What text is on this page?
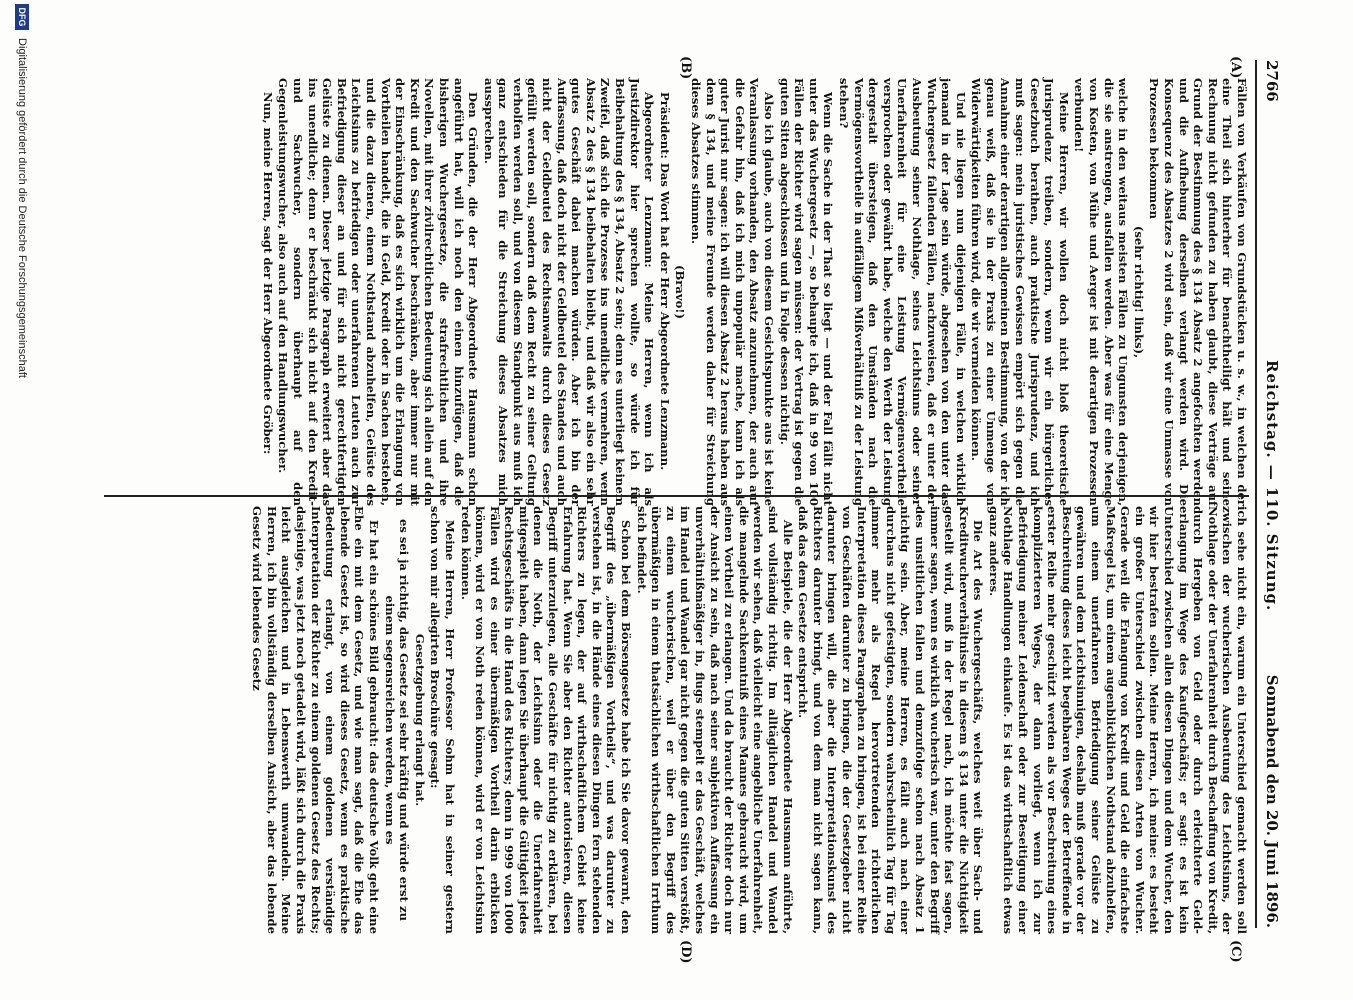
2766
Reichstag. — 110. Sitzung.
Sonnabend den 20. Juni 1896.
(A)
(B)
(C)
(D)

Fällen von Verkäufen von Grundstücken u. s. w., in welchen der eine Theil sich hinterher für benachtheiligt hält und seine Rechnung nicht gefunden zu haben glaubt, diese Verträge auf Grund der Bestimmung des § 134 Absatz 2 angefochten werden und die Aufhebung derselben verlangt werden wird. Die Konsequenz des Absatzes 2 wird sein, daß wir eine Unmasse von Prozessen bekommen

(sehr richtig! links),

welche in den weitaus meisten Fällen zu Ungunsten derjenigen, die sie anstrengen, ausfallen werden. Aber was für eine Menge von Kosten, von Mühe und Aerger ist mit derartigen Prozessen verbunden!

Meine Herren, wir wollen doch nicht bloß theoretische Jurisprudenz treiben, sondern, wenn wir ein bürgerliches Gesetzbuch berathen, auch praktische Jurisprudenz, und ich muß sagen: mein juristisches Gewissen empört sich gegen die Annahme einer derartigen allgemeinen Bestimmung, von der ich genau weiß, daß sie in der Praxis zu einer Unmenge von Widerwärtigkeiten führen wird, die wir vermeiden können.

Und nie liegen nun diejenigen Fälle, in welchen wirklich jemand in der Lage sein würde, abgesehen von den unter das Wuchergesetz fallenden Fällen, nachzuweisen, daß er unter der Ausbeutung seiner Nothlage, seines Leichtsinns oder seiner Unerfahrenheit für eine Leistung Vermögensvortheile versprochen oder gewährt habe, welche den Werth der Leistung dergestalt übersteigen, daß den Umständen nach die Vermögensvortheile in auffälligem Mißverhältniß zu der Leistung stehen?

Wenn die Sache in der That so liegt — und der Fall fällt nicht unter das Wuchergesetz —, so behaupte ich, daß in 99 von 100 Fällen der Richter wird sagen müssen: der Vertrag ist gegen die guten Sitten abgeschlossen und in Folge dessen nichtig.

Also ich glaube, auch von diesem Gesichtspunkte aus ist keine Veranlassung vorhanden, den Absatz anzunehmen, der auch auf die Gefahr hin, daß ich mich unpopulär mache, kann ich als guter Jurist nur sagen: ich will diesen Absatz 2 heraus haben aus dem § 134, und meine Freunde werden daher für Streichung dieses Absatzes stimmen.

(Bravo!)

Präsident: Das Wort hat der Herr Abgeordnete Lenzmann.

Abgeordneter Lenzmann: Meine Herren, wenn ich als Justizdirektor hier sprechen wollte, so würde ich für Beibehaltung des § 134, Absatz 2 sein; denn es unterliegt keinem Zweifel, daß sich die Prozesse ins unendliche vermehren, wenn Absatz 2 des § 134 beibehalten bleibt, und daß wir also ein sehr gutes Geschäft dabei machen würden. Aber ich bin der Auffassung, daß doch nicht der Geldbeutel des Standes und auch nicht der Geldbeutel des Rechtsanwalts durch dieses Gesetz gefüllt werden soll, sondern daß dem Recht zu seiner Geltung verholfen werden soll, und von diesem Standpunkt aus muß ich ganz entschieden für die Streichung dieses Absatzes mich aussprechen.

Den Gründen, die der Herr Abgeordnete Hausmann schon angeführt hat, will ich noch den einen hinzufügen, daß die bisherigen Wuchergesetze, die strafrechtlichen und ihre Novellen, mit ihrer zivilrechtlichen Bedeutung sich allein auf den Kredit und den Sachwucher beschränken, aber immer nur mit der Einschränkung, daß es sich wirklich um die Erlangung von Vortheilen handelt, die in Geld, Kredit oder in Sachen bestehen, und die dazu dienen, einem Nothstand abzuhelfen, Gelüste des Leichtsinns zu befriedigen oder unerfahrenen Leuten auch zur Befriedigung dieser an und für sich nicht gerechtfertigten Gelüste zu dienen. Dieser jetzige Paragraph erweitert aber das ins unendliche; denn er beschränkt sich nicht auf den Kredit- und Sachwucher, sondern überhaupt auf den Gegenleistungswucher, also auch auf den Handlungswucher.

Nun, meine Herren, sagt der Herr Abgeordnete Gröber:

ich sehe nicht ein, warum ein Unterschied gemacht werden soll zwischen der wucherischen Ausbeutung des Leichtsinns, der Nothlage oder der Unerfahrenheit durch Beschaffung von Kredit, durch Hergeben von Geld oder durch erleichterte Geld-erlangung im Wege des Kaufgeschäfts; er sagt: es ist kein Unterschied zwischen allen diesen Dingen und dem Wucher, den wir hier bestrafen sollen. Meine Herren, ich meine: es besteht ein großer Unterschied zwischen diesen Arten von Wucher. Gerade weil die Erlangung von Kredit und Geld die einfachste Maßregel ist, um einem augenblicklichen Nothstand abzuhelfen, um einem unerfahrenen Befriedigung seiner Gelüste zu gewähren und dem Leichtsinnigen, deshalb muß gerade vor der Beschreitung dieses leicht begehbaren Weges der Betreffende in erster Reihe mehr geschützt werden als vor Beschreitung eines komplizierteren Weges, der dann vorliegt, wenn ich zur Befriedigung meiner Leidenschaft oder zur Beseitigung einer Nothlage Handlungen einkaufe. Es ist das wirthschaftlich etwas ganz anderes.

Die Art des Wuchergeschäfts, welches weit über Sach- und Kreditwucherverhältnisse in diesem § 134 unter die Nichtigkeit gestellt wird, muß in der Regel nach, ich möchte fast sagen, immer sagen, wenn es wirklich wucherisch war, unter den Begriff des unsittlichen fallen und demzufolge schon nach Absatz 1 nichtig sein. Aber, meine Herren, es fällt auch nach einer durchaus nicht gefestigten, sondern wahrscheinlich Tag für Tag immer mehr als Regel hervortretenden richterlichen Interpretation dieses Paragraphen zu bringen, ist bei einer Reihe von Geschäften darunter zu bringen, die der Gesetzgeber nicht darunter bringen will, die aber die Interpretationskunst des Richters darunter bringt, und von dem man nicht sagen kann, daß das dem Gesetze entspricht.

Alle Beispiele, die der Herr Abgeordnete Hausmann anführte, sind vollständig richtig. Im alltäglichen Handel und Wandel werden wir sehen, daß vielleicht eine angebliche Unerfahrenheit, die mangelnde Sachkenntniß eines Mannes gebraucht wird, um einen Vortheil zu erlangen. Und da braucht der Richter doch nur der Ansicht zu sein, daß nach seiner subjektiven Auffassung ein unverhältnißmäßiger in, flugs stempelt er das Geschäft, welches im Handel und Wandel gar nicht gegen die guten Sitten verstößt, zu einem wucherischen, weil er über den Begriff des übermäßigen in einem thatsächlichen wirthschaftlichen Irrthum sich befindet.

Schon bei dem Börsengesetze habe ich Sie davor gewarnt, den Begriff des „übermäßigen Vortheils“, und was darunter zu verstehen ist, in die Hände eines diesen Dingen fern stehenden Richters zu legen, der auf wirthschaftlichem Gebiet keine Erfahrung hat. Wenn Sie aber den Richter autorisieren, diesen Begriff unterzulegen, alle Geschäfte für nichtig zu erklären, bei denen die Noth, der Leichtsinn oder die Unerfahrenheit mitgespielt haben, dann legen Sie überhaupt die Gültigkeit jedes Rechtsgeschäfts in die Hand des Richters; denn in 999 von 1000 Fällen wird es einer übermäßigen Vortheil darin erblicken können, wird er von Noth reden können, wird er von Leichtsinn reden können.

Meine Herren, Herr Professor Sohm hat in seiner gestern schon von mir allegirten Broschüre gesagt:

Gesetzgebung erlangt hat.

es sei ja richtig, das Gesetz sei sehr kräftig und würde erst zu einem segensreichen werden, wenn es

Er hat ein schönes Bild gebraucht: das deutsche Volk geht eine Ehe ein mit dem Gesetz, und wie man sagt, daß die Ehe das lebende Gesetz ist, so wird dieses Gesetz, wenn es praktische Bedeutung erlangt, von einem goldenen verständige Interpretation der Richter zu einem goldenen Gesetz des Rechts; dasjenige, was jetzt noch getadelt wird, läßt sich durch die Praxis leicht ausgleichen und in Lebenswerth umwandeln. Meine Herren, ich bin vollständig derselben Ansicht, aber das lebende Gesetz wird lebendes Gesetz

DFG
Digitalisierung gefördert durch die Deutsche Forschungsgemeinschaft
